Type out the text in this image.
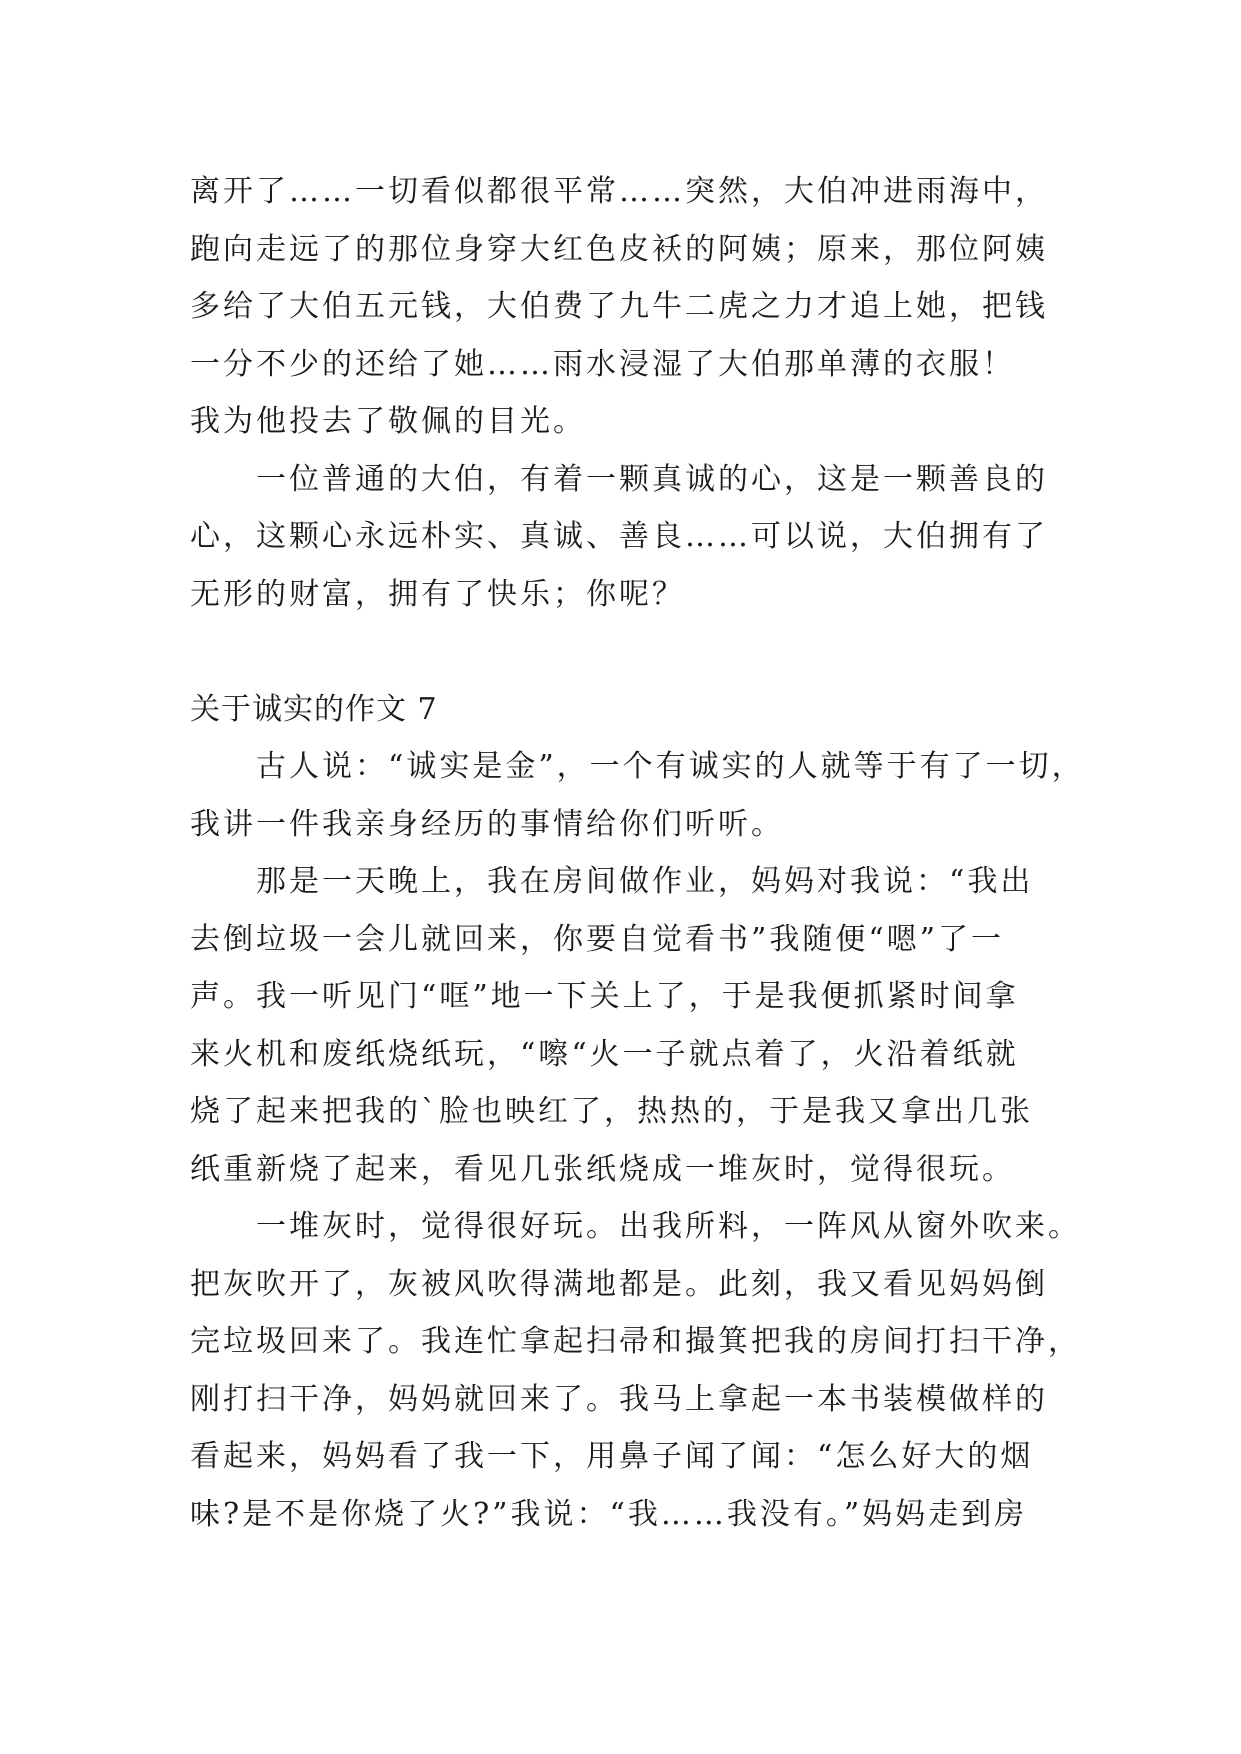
离开了……一切看似都很平常……突然，大伯冲进雨海中，
跑向走远了的那位身穿大红色皮袄的阿姨；原来，那位阿姨
多给了大伯五元钱，大伯费了九牛二虎之力才追上她，把钱
一分不少的还给了她……雨水浸湿了大伯那单薄的衣服！
我为他投去了敬佩的目光。
一位普通的大伯，有着一颗真诚的心，这是一颗善良的
心，这颗心永远朴实、真诚、善良……可以说，大伯拥有了
无形的财富，拥有了快乐；你呢？
关于诚实的作文 7
古人说：“诚实是金”，一个有诚实的人就等于有了一切，
我讲一件我亲身经历的事情给你们听听。
那是一天晚上，我在房间做作业，妈妈对我说：“我出
去倒垃圾一会儿就回来，你要自觉看书”我随便“嗯”了一
声。我一听见门“哐”地一下关上了，于是我便抓紧时间拿
来火机和废纸烧纸玩，“嚓“火一子就点着了，火沿着纸就
烧了起来把我的`脸也映红了，热热的，于是我又拿出几张
纸重新烧了起来，看见几张纸烧成一堆灰时，觉得很玩。
一堆灰时，觉得很好玩。出我所料，一阵风从窗外吹来。
把灰吹开了，灰被风吹得满地都是。此刻，我又看见妈妈倒
完垃圾回来了。我连忙拿起扫帚和撮箕把我的房间打扫干净，
刚打扫干净，妈妈就回来了。我马上拿起一本书装模做样的
看起来，妈妈看了我一下，用鼻子闻了闻：“怎么好大的烟
味?是不是你烧了火?”我说：“我……我没有。”妈妈走到房
